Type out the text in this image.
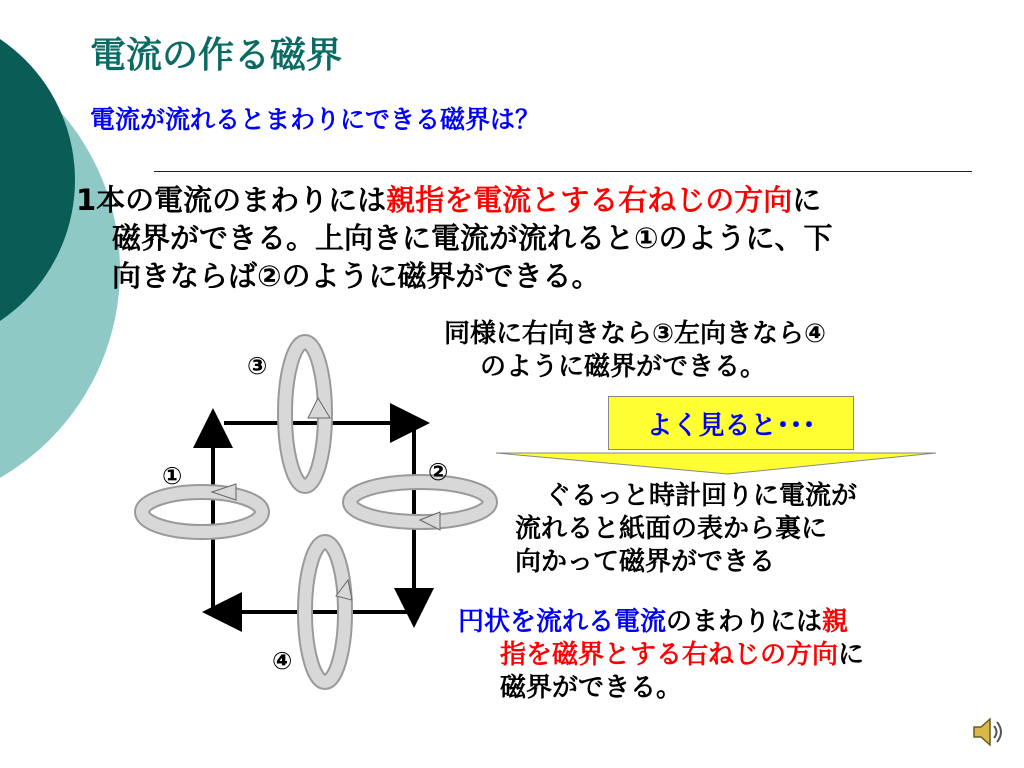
電流の作る磁界
電流が流れるとまわりにできる磁界は？
1本の電流のまわりには親指を電流とする右ねじの方向に
磁界ができる。上向きに電流が流れると①のように、下
向きならば②のように磁界ができる。
同様に右向きなら③左向きなら④
のように磁界ができる。
よく見ると･･･
ぐるっと時計回りに電流が
流れると紙面の表から裏に
向かって磁界ができる
円状を流れる電流のまわりには親
指を磁界とする右ねじの方向に
磁界ができる。
③
①	②
④
